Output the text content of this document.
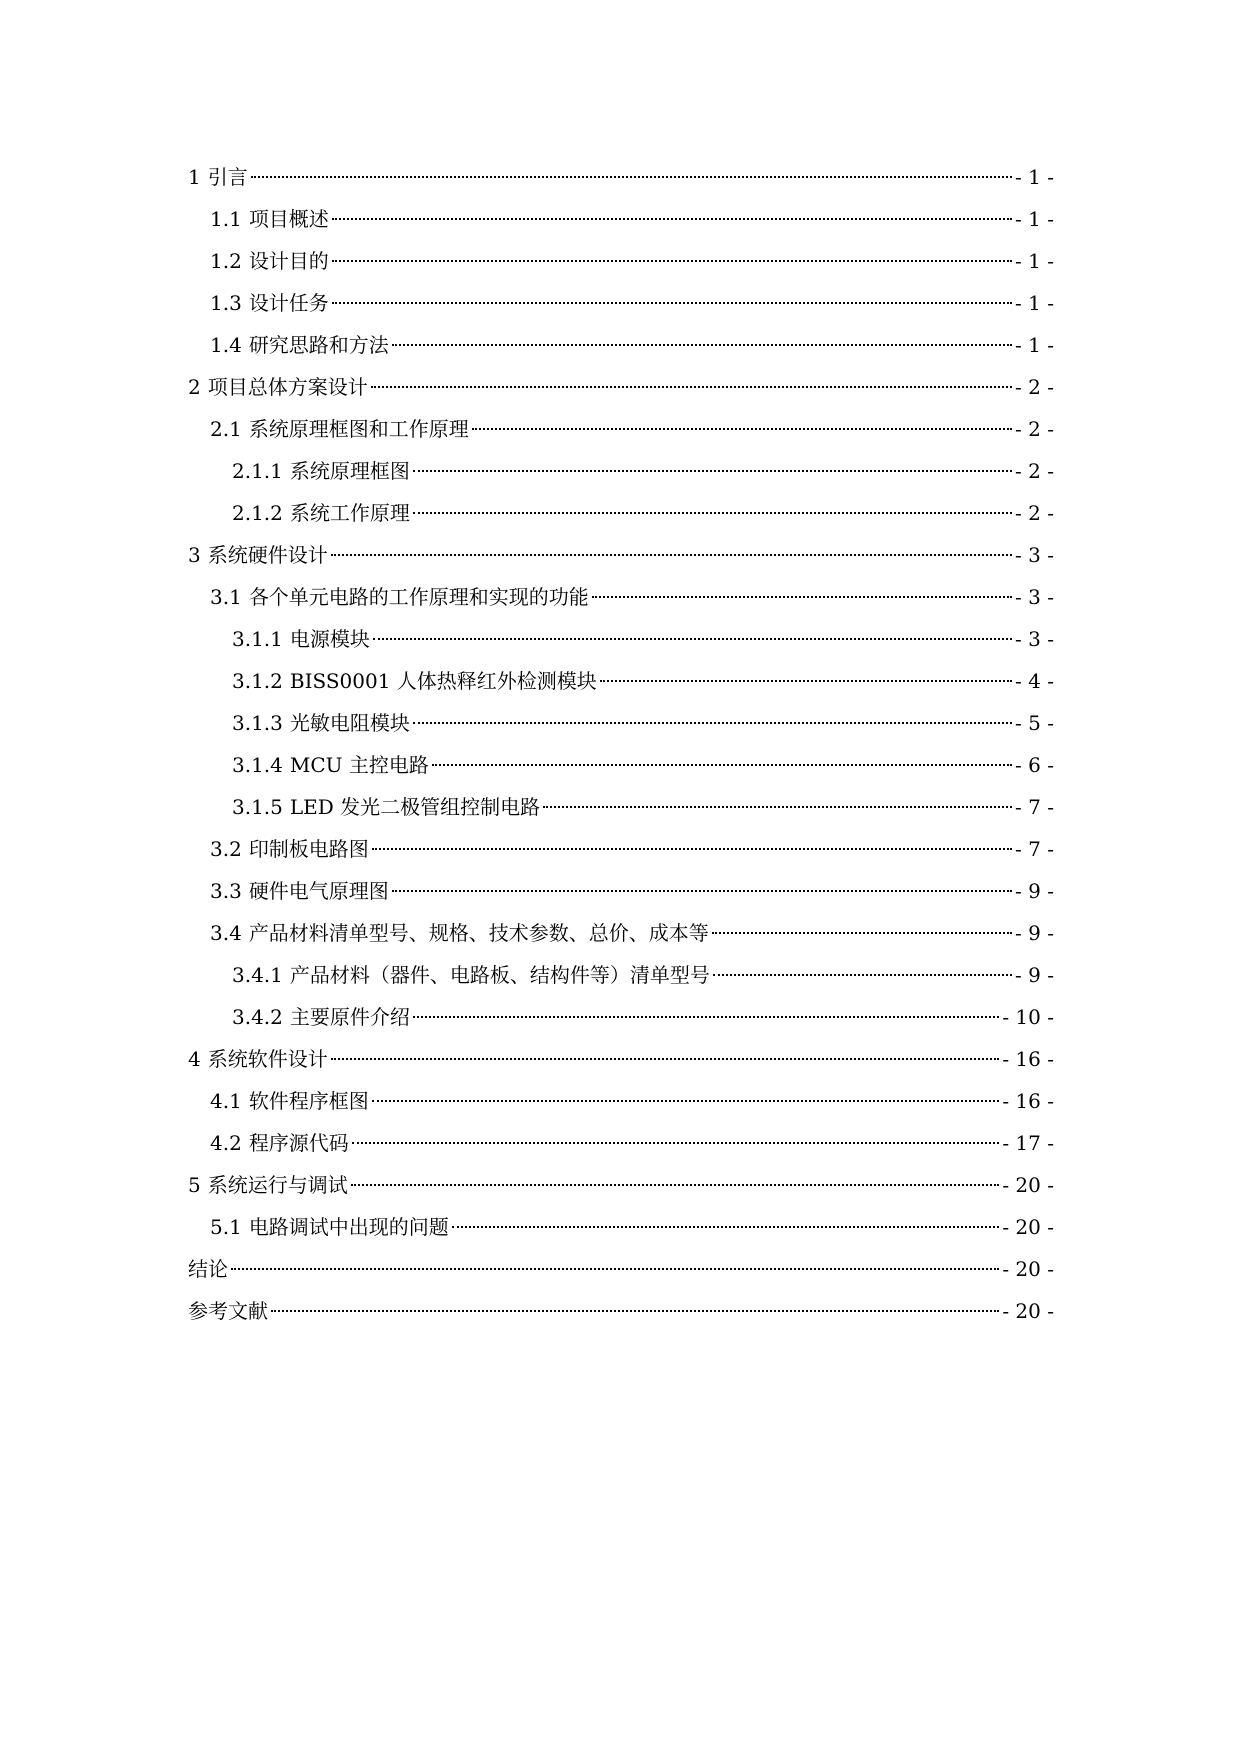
1 引言	- 1 -
1.1 项目概述	- 1 -
1.2 设计目的	- 1 -
1.3 设计任务	- 1 -
1.4 研究思路和方法	- 1 -
2 项目总体方案设计	- 2 -
2.1 系统原理框图和工作原理	- 2 -
2.1.1 系统原理框图	- 2 -
2.1.2 系统工作原理	- 2 -
3 系统硬件设计	- 3 -
3.1 各个单元电路的工作原理和实现的功能	- 3 -
3.1.1 电源模块	- 3 -
3.1.2 BISS0001 人体热释红外检测模块	- 4 -
3.1.3 光敏电阻模块	- 5 -
3.1.4 MCU 主控电路	- 6 -
3.1.5 LED 发光二极管组控制电路	- 7 -
3.2 印制板电路图	- 7 -
3.3 硬件电气原理图	- 9 -
3.4 产品材料清单型号、规格、技术参数、总价、成本等	- 9 -
3.4.1 产品材料（器件、电路板、结构件等）清单型号	- 9 -
3.4.2 主要原件介绍	- 10 -
4 系统软件设计	- 16 -
4.1 软件程序框图	- 16 -
4.2 程序源代码	- 17 -
5 系统运行与调试	- 20 -
5.1 电路调试中出现的问题	- 20 -
结论	- 20 -
参考文献	- 20 -
